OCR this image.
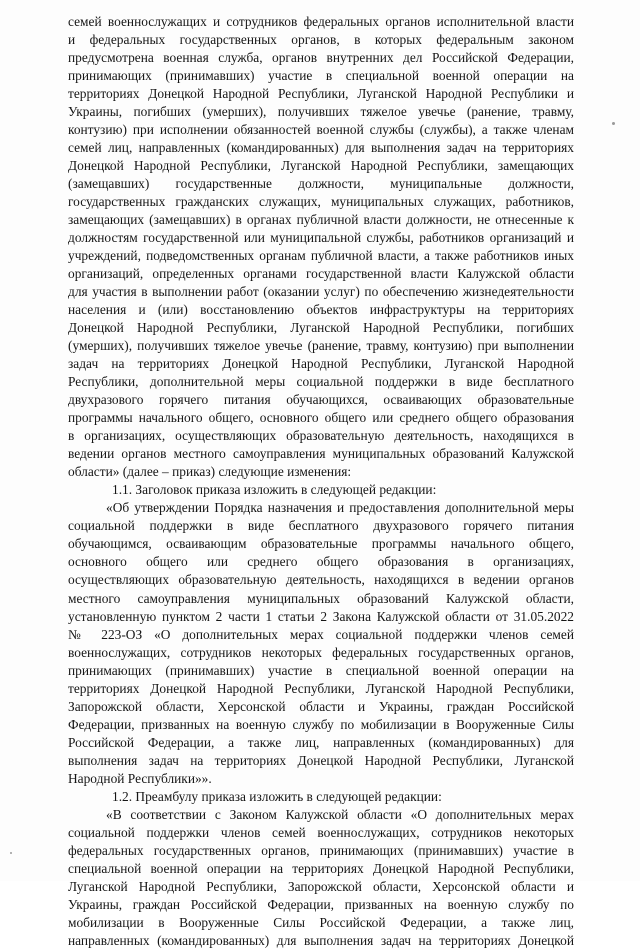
семей военнослужащих и сотрудников федеральных органов исполнительной власти
и федеральных государственных органов, в которых федеральным законом
предусмотрена военная служба, органов внутренних дел Российской Федерации,
принимающих (принимавших) участие в специальной военной операции на
территориях Донецкой Народной Республики, Луганской Народной Республики и
Украины, погибших (умерших), получивших тяжелое увечье (ранение, травму,
контузию) при исполнении обязанностей военной службы (службы), а также членам
семей лиц, направленных (командированных) для выполнения задач на территориях
Донецкой Народной Республики, Луганской Народной Республики, замещающих
(замещавших) государственные должности, муниципальные должности,
государственных гражданских служащих, муниципальных служащих, работников,
замещающих (замещавших) в органах публичной власти должности, не отнесенные к
должностям государственной или муниципальной службы, работников организаций и
учреждений, подведомственных органам публичной власти, а также работников иных
организаций, определенных органами государственной власти Калужской области
для участия в выполнении работ (оказании услуг) по обеспечению жизнедеятельности
населения и (или) восстановлению объектов инфраструктуры на территориях
Донецкой Народной Республики, Луганской Народной Республики, погибших
(умерших), получивших тяжелое увечье (ранение, травму, контузию) при выполнении
задач на территориях Донецкой Народной Республики, Луганской Народной
Республики, дополнительной меры социальной поддержки в виде бесплатного
двухразового горячего питания обучающихся, осваивающих образовательные
программы начального общего, основного общего или среднего общего образования
в организациях, осуществляющих образовательную деятельность, находящихся в
ведении органов местного самоуправления муниципальных образований Калужской
области» (далее – приказ) следующие изменения:
1.1. Заголовок приказа изложить в следующей редакции:
«Об утверждении Порядка назначения и предоставления дополнительной меры
социальной поддержки в виде бесплатного двухразового горячего питания
обучающимся, осваивающим образовательные программы начального общего,
основного общего или среднего общего образования в организациях,
осуществляющих образовательную деятельность, находящихся в ведении органов
местного самоуправления муниципальных образований Калужской области,
установленную пунктом 2 части 1 статьи 2 Закона Калужской области от 31.05.2022
№ 223-ОЗ «О дополнительных мерах социальной поддержки членов семей
военнослужащих, сотрудников некоторых федеральных государственных органов,
принимающих (принимавших) участие в специальной военной операции на
территориях Донецкой Народной Республики, Луганской Народной Республики,
Запорожской области, Херсонской области и Украины, граждан Российской
Федерации, призванных на военную службу по мобилизации в Вооруженные Силы
Российской Федерации, а также лиц, направленных (командированных) для
выполнения задач на территориях Донецкой Народной Республики, Луганской
Народной Республики»».
1.2. Преамбулу приказа изложить в следующей редакции:
«В соответствии с Законом Калужской области «О дополнительных мерах
социальной поддержки членов семей военнослужащих, сотрудников некоторых
федеральных государственных органов, принимающих (принимавших) участие в
специальной военной операции на территориях Донецкой Народной Республики,
Луганской Народной Республики, Запорожской области, Херсонской области и
Украины, граждан Российской Федерации, призванных на военную службу по
мобилизации в Вооруженные Силы Российской Федерации, а также лиц,
направленных (командированных) для выполнения задач на территориях Донецкой
